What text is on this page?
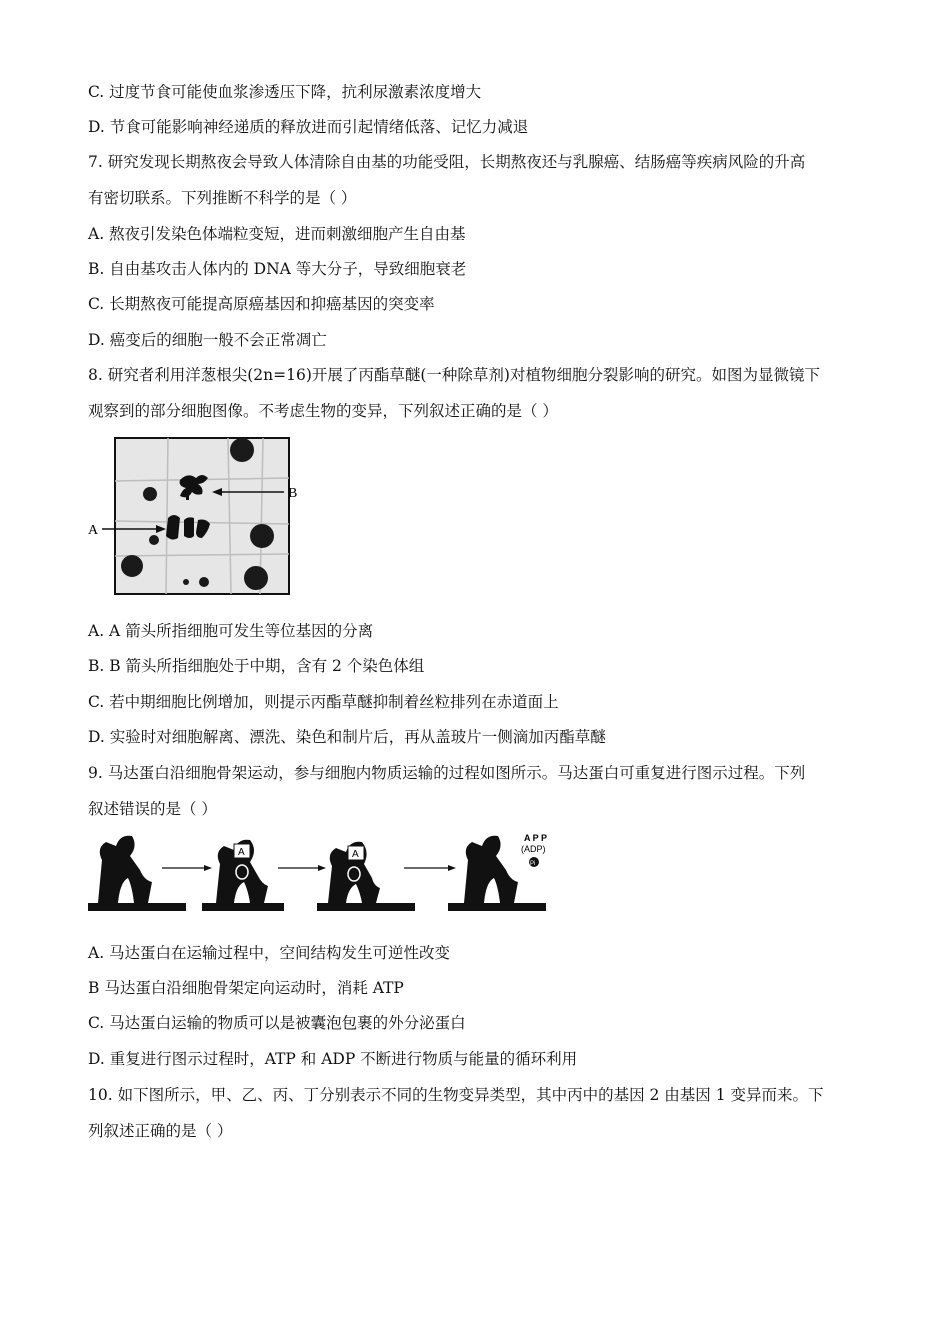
C. 过度节食可能使血浆渗透压下降，抗利尿激素浓度增大
D. 节食可能影响神经递质的释放进而引起情绪低落、记忆力减退
7. 研究发现长期熬夜会导致人体清除自由基的功能受阻，长期熬夜还与乳腺癌、结肠癌等疾病风险的升高
有密切联系。下列推断不科学的是（ ）
A. 熬夜引发染色体端粒变短，进而刺激细胞产生自由基
B. 自由基攻击人体内的 DNA 等大分子，导致细胞衰老
C. 长期熬夜可能提高原癌基因和抑癌基因的突变率
D. 癌变后的细胞一般不会正常凋亡
8. 研究者利用洋葱根尖(2n=16)开展了丙酯草醚(一种除草剂)对植物细胞分裂影响的研究。如图为显微镜下
观察到的部分细胞图像。不考虑生物的变异，下列叙述正确的是（ ）
B
A
A. A 箭头所指细胞可发生等位基因的分离
B. B 箭头所指细胞处于中期，含有 2 个染色体组
C. 若中期细胞比例增加，则提示丙酯草醚抑制着丝粒排列在赤道面上
D. 实验时对细胞解离、漂洗、染色和制片后，再从盖玻片一侧滴加丙酯草醚
9. 马达蛋白沿细胞骨架运动，参与细胞内物质运输的过程如图所示。马达蛋白可重复进行图示过程。下列
叙述错误的是（ ）
A	A
A P P
(ADP)
Pi
A. 马达蛋白在运输过程中，空间结构发生可逆性改变
B 马达蛋白沿细胞骨架定向运动时，消耗 ATP
C. 马达蛋白运输的物质可以是被囊泡包裹的外分泌蛋白
D. 重复进行图示过程时，ATP 和 ADP 不断进行物质与能量的循环利用
10. 如下图所示，甲、乙、丙、丁分别表示不同的生物变异类型，其中丙中的基因 2 由基因 1 变异而来。下
列叙述正确的是（ ）
